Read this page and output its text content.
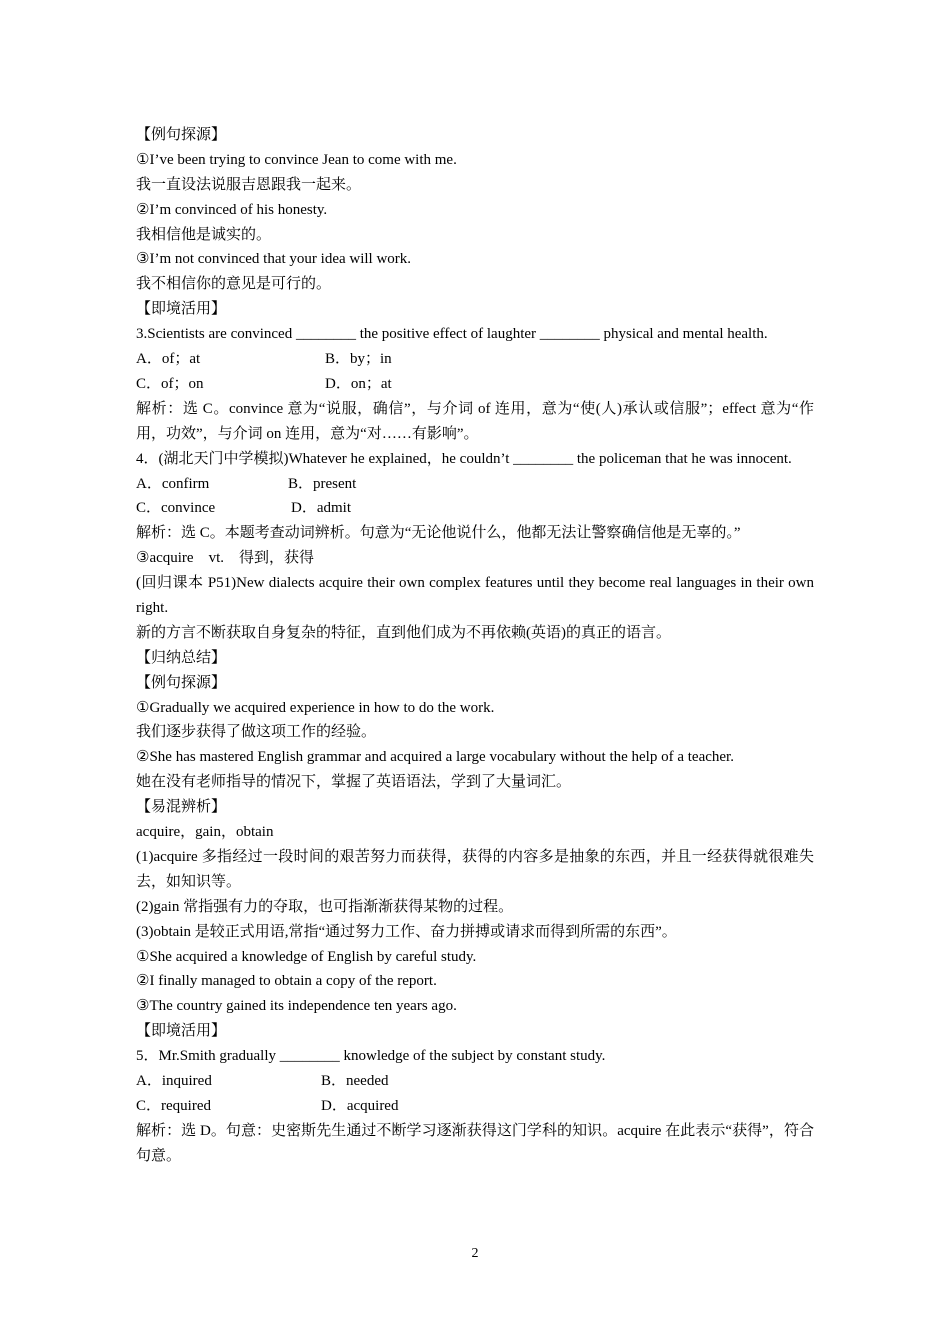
【例句探源】
①I’ve been trying to convince Jean to come with me.
我一直设法说服吉恩跟我一起来。
②I’m convinced of his honesty.
我相信他是诚实的。
③I’m not convinced that your idea will work.
我不相信你的意见是可行的。
【即境活用】
3.Scientists are convinced ________ the positive effect of laughter ________ physical and mental health.
A．of；at	B．by；in
C．of；on	D．on；at
解析：选 C。convince 意为“说服，确信”，与介词 of 连用，意为“使(人)承认或信服”；effect 意为“作用，功效”，与介词 on 连用，意为“对……有影响”。
4．(湖北天门中学模拟)Whatever he explained，he couldn’t ________ the policeman that he was innocent.
A．confirm	B．present
C．convince	D．admit
解析：选 C。本题考查动词辨析。句意为“无论他说什么，他都无法让警察确信他是无辜的。”
③acquire　vt.　得到，获得
(回归课本 P51)New dialects acquire their own complex features until they become real languages in their own right.
新的方言不断获取自身复杂的特征，直到他们成为不再依赖(英语)的真正的语言。
【归纳总结】
【例句探源】
①Gradually we acquired experience in how to do the work.
我们逐步获得了做这项工作的经验。
②She has mastered English grammar and acquired a large vocabulary without the help of a teacher.
她在没有老师指导的情况下，掌握了英语语法，学到了大量词汇。
【易混辨析】
acquire，gain，obtain
(1)acquire 多指经过一段时间的艰苦努力而获得，获得的内容多是抽象的东西，并且一经获得就很难失去，如知识等。
(2)gain 常指强有力的夺取，也可指渐渐获得某物的过程。
(3)obtain 是较正式用语,常指“通过努力工作、奋力拼搏或请求而得到所需的东西”。
①She acquired a knowledge of English by careful study.
②I finally managed to obtain a copy of the report.
③The country gained its independence ten years ago.
【即境活用】
5．Mr.Smith gradually ________ knowledge of the subject by constant study.
A．inquired	B．needed
C．required	D．acquired
解析：选 D。句意：史密斯先生通过不断学习逐渐获得这门学科的知识。acquire 在此表示“获得”，符合句意。
2
